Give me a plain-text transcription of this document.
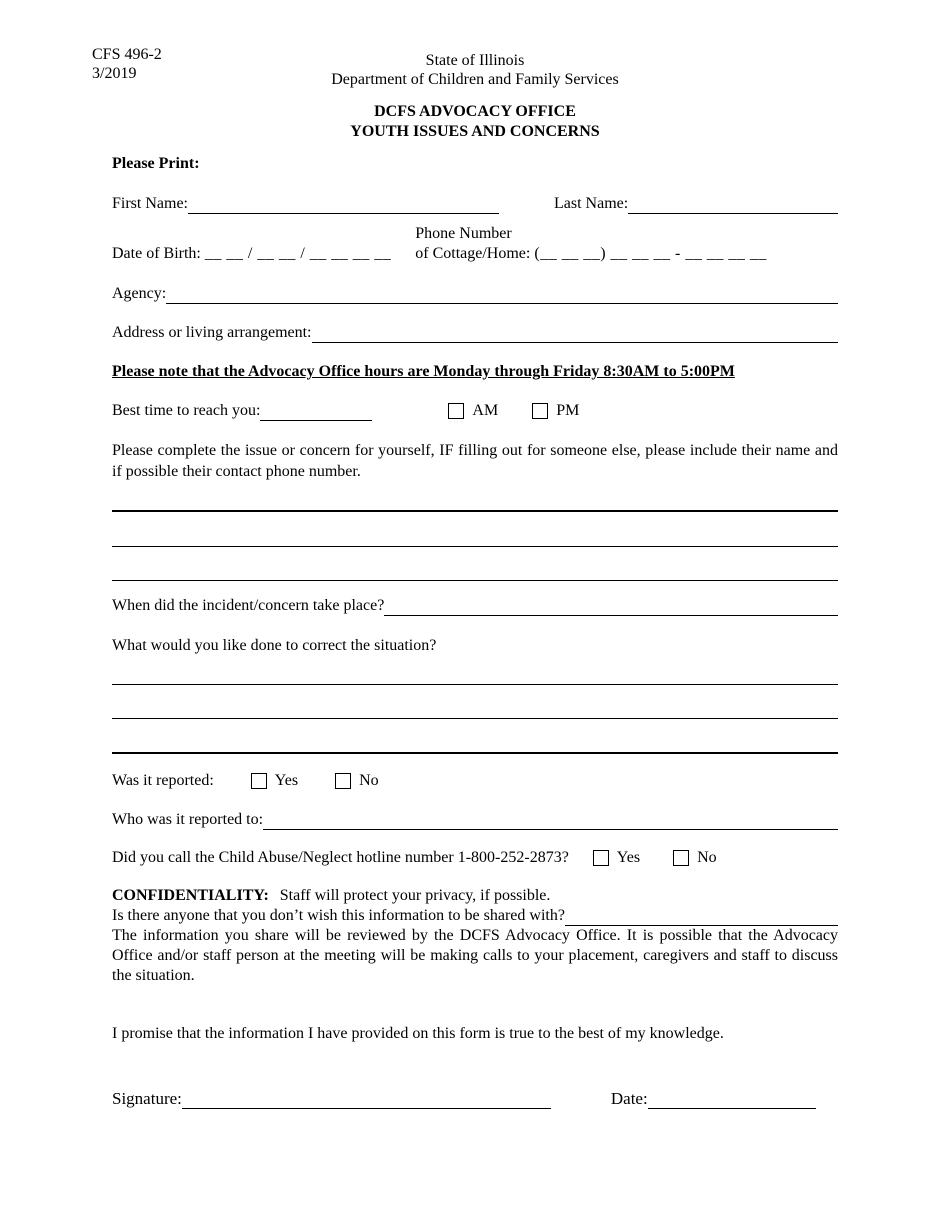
CFS 496-2
3/2019
State of Illinois
Department of Children and Family Services
DCFS ADVOCACY OFFICE
YOUTH ISSUES AND CONCERNS
Please Print:
First Name:	Last Name:
Date of Birth: __ __ / __ __ / __ __ __ __
Phone Number
of Cottage/Home: (__ __ __) __ __ __ - __ __ __ __
Agency:
Address or living arrangement:
Please note that the Advocacy Office hours are Monday through Friday 8:30AM to 5:00PM
Best time to reach you:	AM	PM
Please complete the issue or concern for yourself, IF filling out for someone else, please include their name and if possible their contact phone number.
When did the incident/concern take place?
What would you like done to correct the situation?
Was it reported:	Yes	No
Who was it reported to:
Did you call the Child Abuse/Neglect hotline number 1-800-252-2873?	Yes	No
CONFIDENTIALITY: Staff will protect your privacy, if possible.
Is there anyone that you don’t wish this information to be shared with?
The information you share will be reviewed by the DCFS Advocacy Office. It is possible that the Advocacy Office and/or staff person at the meeting will be making calls to your placement, caregivers and staff to discuss the situation.
I promise that the information I have provided on this form is true to the best of my knowledge.
Signature:	Date:
